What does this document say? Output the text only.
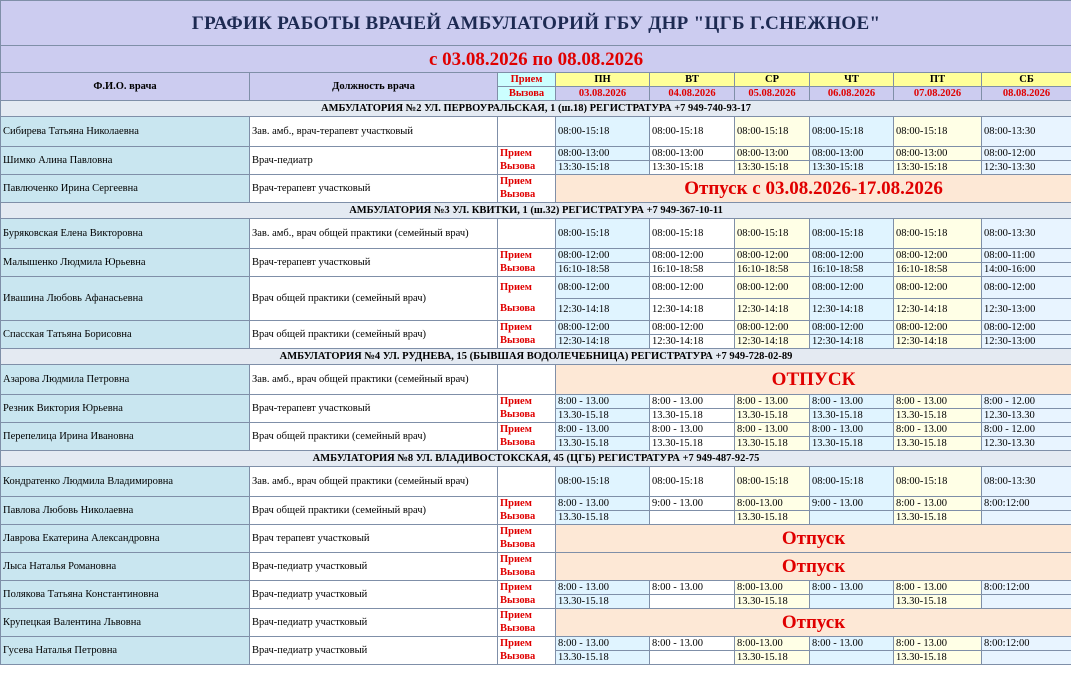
ГРАФИК РАБОТЫ ВРАЧЕЙ АМБУЛАТОРИЙ ГБУ ДНР "ЦГБ Г.СНЕЖНОЕ"								
с 03.08.2026 по 08.08.2026								
Ф.И.О. врача	Должность врача	Прием	ПН	ВТ	СР	ЧТ	ПТ	СБ
		Вызова	03.08.2026	04.08.2026	05.08.2026	06.08.2026	07.08.2026	08.08.2026
АМБУЛАТОРИЯ №2 УЛ. ПЕРВОУРАЛЬСКАЯ, 1 (ш.18) РЕГИСТРАТУРА +7 949-740-93-17								
Сибирева Татьяна Николаевна	Зав. амб., врач-терапевт участковый		08:00-15:18	08:00-15:18	08:00-15:18	08:00-15:18	08:00-15:18	08:00-13:30
Шимко Алина Павловна	Врач-педиатр	Прием	08:00-13:00	08:00-13:00	08:00-13:00	08:00-13:00	08:00-13:00	08:00-12:00
		Вызова	13:30-15:18	13:30-15:18	13:30-15:18	13:30-15:18	13:30-15:18	12:30-13:30
Павлюченко Ирина Сергеевна	Врач-терапевт участковый	Прием	Отпуск с 03.08.2026-17.08.2026					
		Вызова						
АМБУЛАТОРИЯ №3 УЛ. КВИТКИ, 1 (ш.32) РЕГИСТРАТУРА +7 949-367-10-11								
Буряковская Елена Викторовна	Зав. амб., врач общей практики (семейный врач)		08:00-15:18	08:00-15:18	08:00-15:18	08:00-15:18	08:00-15:18	08:00-13:30
Малышенко Людмила Юрьевна	Врач-терапевт участковый	Прием	08:00-12:00	08:00-12:00	08:00-12:00	08:00-12:00	08:00-12:00	08:00-11:00
		Вызова	16:10-18:58	16:10-18:58	16:10-18:58	16:10-18:58	16:10-18:58	14:00-16:00
Ивашина Любовь Афанасьевна	Врач общей практики (семейный врач)	Прием	08:00-12:00	08:00-12:00	08:00-12:00	08:00-12:00	08:00-12:00	08:00-12:00
		Вызова	12:30-14:18	12:30-14:18	12:30-14:18	12:30-14:18	12:30-14:18	12:30-13:00
Спасская Татьяна Борисовна	Врач общей практики (семейный врач)	Прием	08:00-12:00	08:00-12:00	08:00-12:00	08:00-12:00	08:00-12:00	08:00-12:00
		Вызова	12:30-14:18	12:30-14:18	12:30-14:18	12:30-14:18	12:30-14:18	12:30-13:00
АМБУЛАТОРИЯ №4 УЛ. РУДНЕВА, 15 (БЫВШАЯ ВОДОЛЕЧЕБНИЦА) РЕГИСТРАТУРА +7 949-728-02-89								
Азарова Людмила Петровна	Зав. амб., врач общей практики (семейный врач)		ОТПУСК					
Резник Виктория Юрьевна	Врач-терапевт участковый	Прием	8:00 - 13.00	8:00 - 13.00	8:00 - 13.00	8:00 - 13.00	8:00 - 13.00	8:00 - 12.00
		Вызова	13.30-15.18	13.30-15.18	13.30-15.18	13.30-15.18	13.30-15.18	12.30-13.30
Перепелица Ирина Ивановна	Врач общей практики (семейный врач)	Прием	8:00 - 13.00	8:00 - 13.00	8:00 - 13.00	8:00 - 13.00	8:00 - 13.00	8:00 - 12.00
		Вызова	13.30-15.18	13.30-15.18	13.30-15.18	13.30-15.18	13.30-15.18	12.30-13.30
АМБУЛАТОРИЯ №8 УЛ. ВЛАДИВОСТОКСКАЯ, 45 (ЦГБ) РЕГИСТРАТУРА +7 949-487-92-75								
Кондратенко Людмила Владимировна	Зав. амб., врач общей практики (семейный врач)		08:00-15:18	08:00-15:18	08:00-15:18	08:00-15:18	08:00-15:18	08:00-13:30
Павлова Любовь Николаевна	Врач общей практики (семейный врач)	Прием	8:00 - 13.00	9:00 - 13.00	8:00-13.00	9:00 - 13.00	8:00 - 13.00	8:00:12:00
		Вызова	13.30-15.18		13.30-15.18		13.30-15.18	
Лаврова Екатерина Александровна	Врач терапевт участковый	Прием	Отпуск					
		Вызова						
Лыса Наталья Романовна	Врач-педиатр участковый	Прием	Отпуск					
		Вызова						
Полякова Татьяна Константиновна	Врач-педиатр участковый	Прием	8:00 - 13.00	8:00 - 13.00	8:00-13.00	8:00 - 13.00	8:00 - 13.00	8:00:12:00
		Вызова	13.30-15.18		13.30-15.18		13.30-15.18	
Крупецкая Валентина Львовна	Врач-педиатр участковый	Прием	Отпуск					
		Вызова						
Гусева Наталья Петровна	Врач-педиатр участковый	Прием	8:00 - 13.00	8:00 - 13.00	8:00-13.00	8:00 - 13.00	8:00 - 13.00	8:00:12:00
		Вызова	13.30-15.18		13.30-15.18		13.30-15.18	
